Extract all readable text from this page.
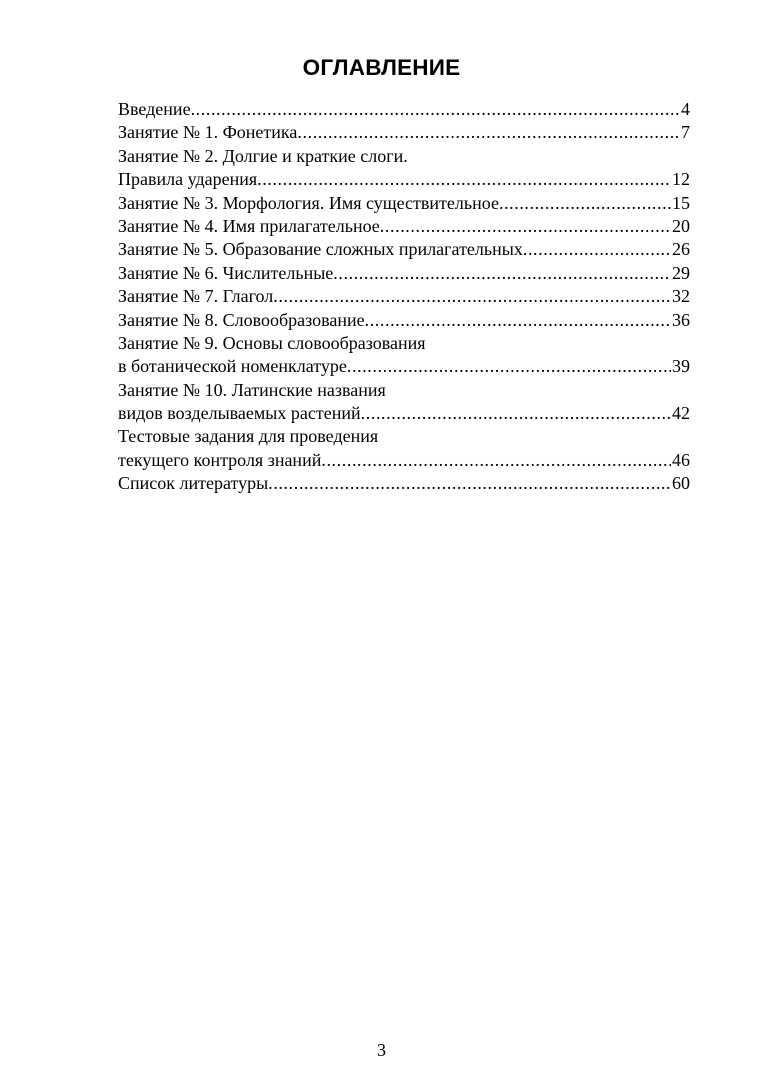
ОГЛАВЛЕНИЕ
Введение .....	4
Занятие № 1. Фонетика .....	7
Занятие № 2. Долгие и краткие слоги.
Правила ударения .....	12
Занятие № 3. Морфология. Имя существительное .....	15
Занятие № 4. Имя прилагательное .....	20
Занятие № 5. Образование сложных прилагательных .....	26
Занятие № 6. Числительные .....	29
Занятие № 7. Глагол .....	32
Занятие № 8. Словообразование .....	36
Занятие № 9. Основы словообразования
в ботанической номенклатуре .....	39
Занятие № 10. Латинские названия
видов возделываемых растений .....	42
Тестовые задания для проведения
текущего контроля знаний .....	46
Список литературы .....	60
3
